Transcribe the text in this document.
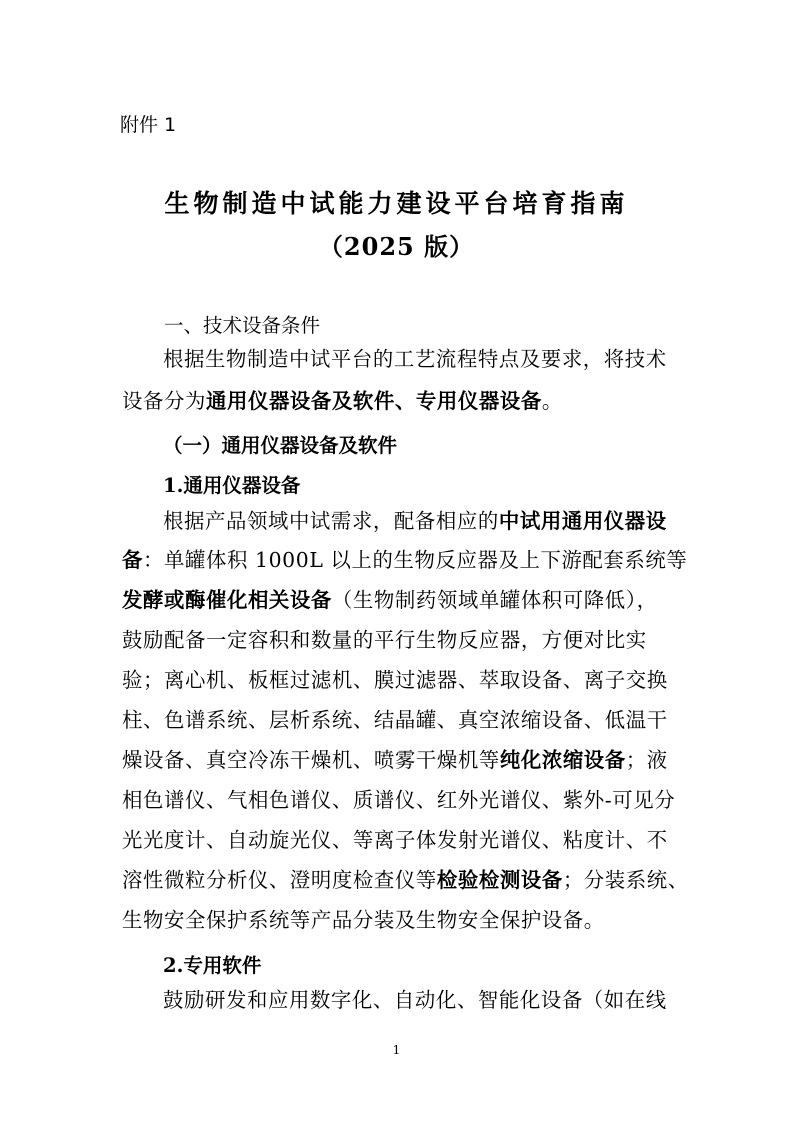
附件 1
生物制造中试能力建设平台培育指南
（2025 版）
一、技术设备条件
根据生物制造中试平台的工艺流程特点及要求，将技术
设备分为通用仪器设备及软件、专用仪器设备。
（一）通用仪器设备及软件
1.通用仪器设备
根据产品领域中试需求，配备相应的中试用通用仪器设
备：单罐体积 1000L 以上的生物反应器及上下游配套系统等
发酵或酶催化相关设备（生物制药领域单罐体积可降低），
鼓励配备一定容积和数量的平行生物反应器，方便对比实
验；离心机、板框过滤机、膜过滤器、萃取设备、离子交换
柱、色谱系统、层析系统、结晶罐、真空浓缩设备、低温干
燥设备、真空冷冻干燥机、喷雾干燥机等纯化浓缩设备；液
相色谱仪、气相色谱仪、质谱仪、红外光谱仪、紫外-可见分
光光度计、自动旋光仪、等离子体发射光谱仪、粘度计、不
溶性微粒分析仪、澄明度检查仪等检验检测设备；分装系统、
生物安全保护系统等产品分装及生物安全保护设备。
2.专用软件
鼓励研发和应用数字化、自动化、智能化设备（如在线
1
